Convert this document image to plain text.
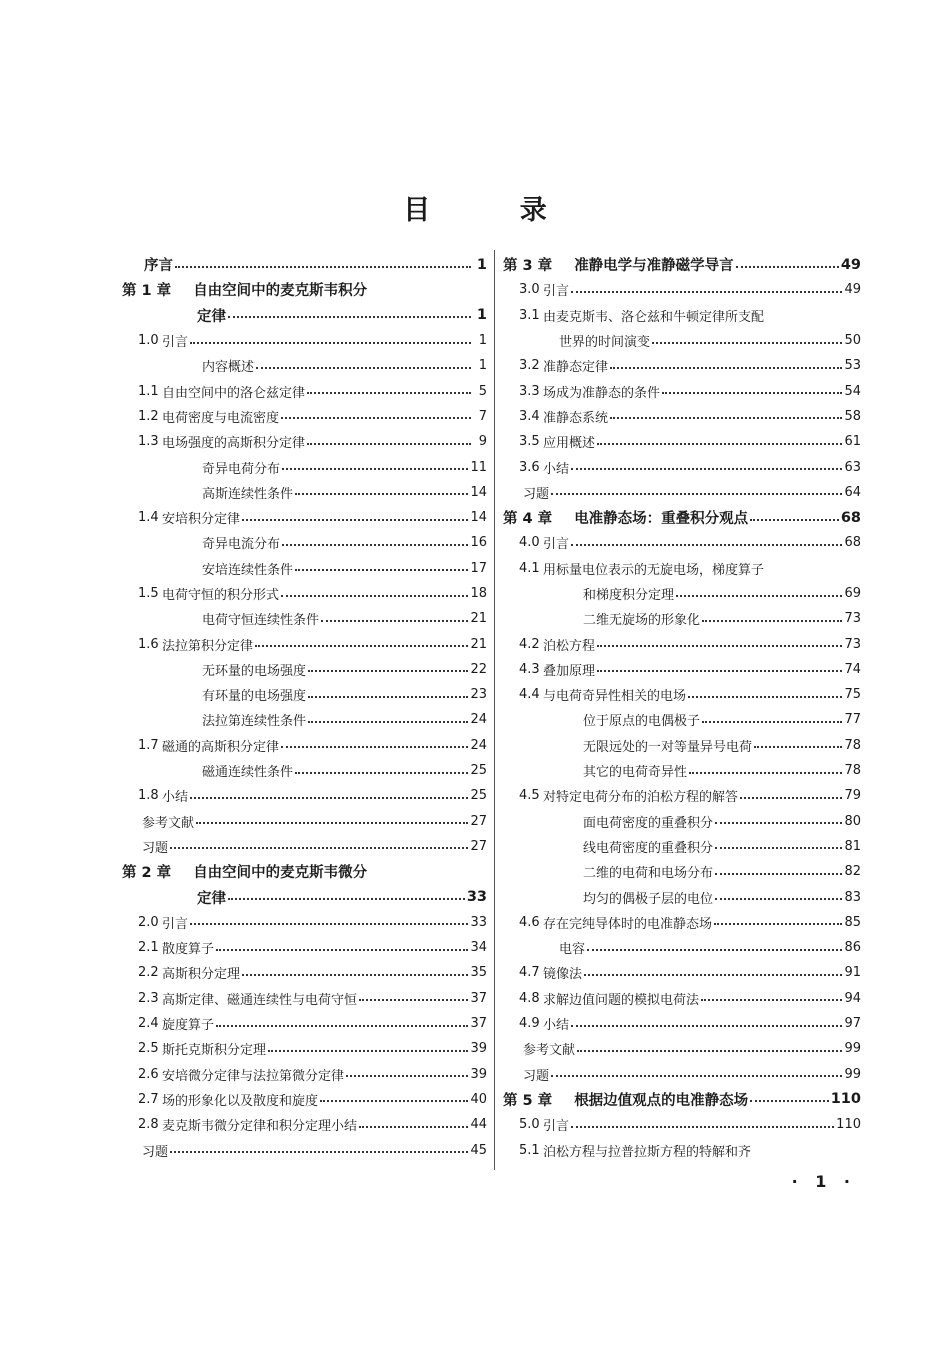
目 录
序言	1
第 1 章 自由空间中的麦克斯韦积分
定律	1
1.0 引言	1
内容概述	1
1.1 自由空间中的洛仑兹定律	5
1.2 电荷密度与电流密度	7
1.3 电场强度的高斯积分定律	9
奇异电荷分布	11
高斯连续性条件	14
1.4 安培积分定律	14
奇异电流分布	16
安培连续性条件	17
1.5 电荷守恒的积分形式	18
电荷守恒连续性条件	21
1.6 法拉第积分定律	21
无环量的电场强度	22
有环量的电场强度	23
法拉第连续性条件	24
1.7 磁通的高斯积分定律	24
磁通连续性条件	25
1.8 小结	25
参考文献	27
习题	27
第 2 章 自由空间中的麦克斯韦微分
定律	33
2.0 引言	33
2.1 散度算子	34
2.2 高斯积分定理	35
2.3 高斯定律、磁通连续性与电荷守恒	37
2.4 旋度算子	37
2.5 斯托克斯积分定理	39
2.6 安培微分定律与法拉第微分定律	39
2.7 场的形象化以及散度和旋度	40
2.8 麦克斯韦微分定律和积分定理小结	44
习题	45
第 3 章 准静电学与准静磁学导言	49
3.0 引言	49
3.1 由麦克斯韦、洛仑兹和牛顿定律所支配
世界的时间演变	50
3.2 准静态定律	53
3.3 场成为准静态的条件	54
3.4 准静态系统	58
3.5 应用概述	61
3.6 小结	63
习题	64
第 4 章 电准静态场：重叠积分观点	68
4.0 引言	68
4.1 用标量电位表示的无旋电场，梯度算子
和梯度积分定理	69
二维无旋场的形象化	73
4.2 泊松方程	73
4.3 叠加原理	74
4.4 与电荷奇异性相关的电场	75
位于原点的电偶极子	77
无限远处的一对等量异号电荷	78
其它的电荷奇异性	78
4.5 对特定电荷分布的泊松方程的解答	79
面电荷密度的重叠积分	80
线电荷密度的重叠积分	81
二维的电荷和电场分布	82
均匀的偶极子层的电位	83
4.6 存在完纯导体时的电准静态场	85
电容	86
4.7 镜像法	91
4.8 求解边值问题的模拟电荷法	94
4.9 小结	97
参考文献	99
习题	99
第 5 章 根据边值观点的电准静态场	110
5.0 引言	110
5.1 泊松方程与拉普拉斯方程的特解和齐
· 1 ·
